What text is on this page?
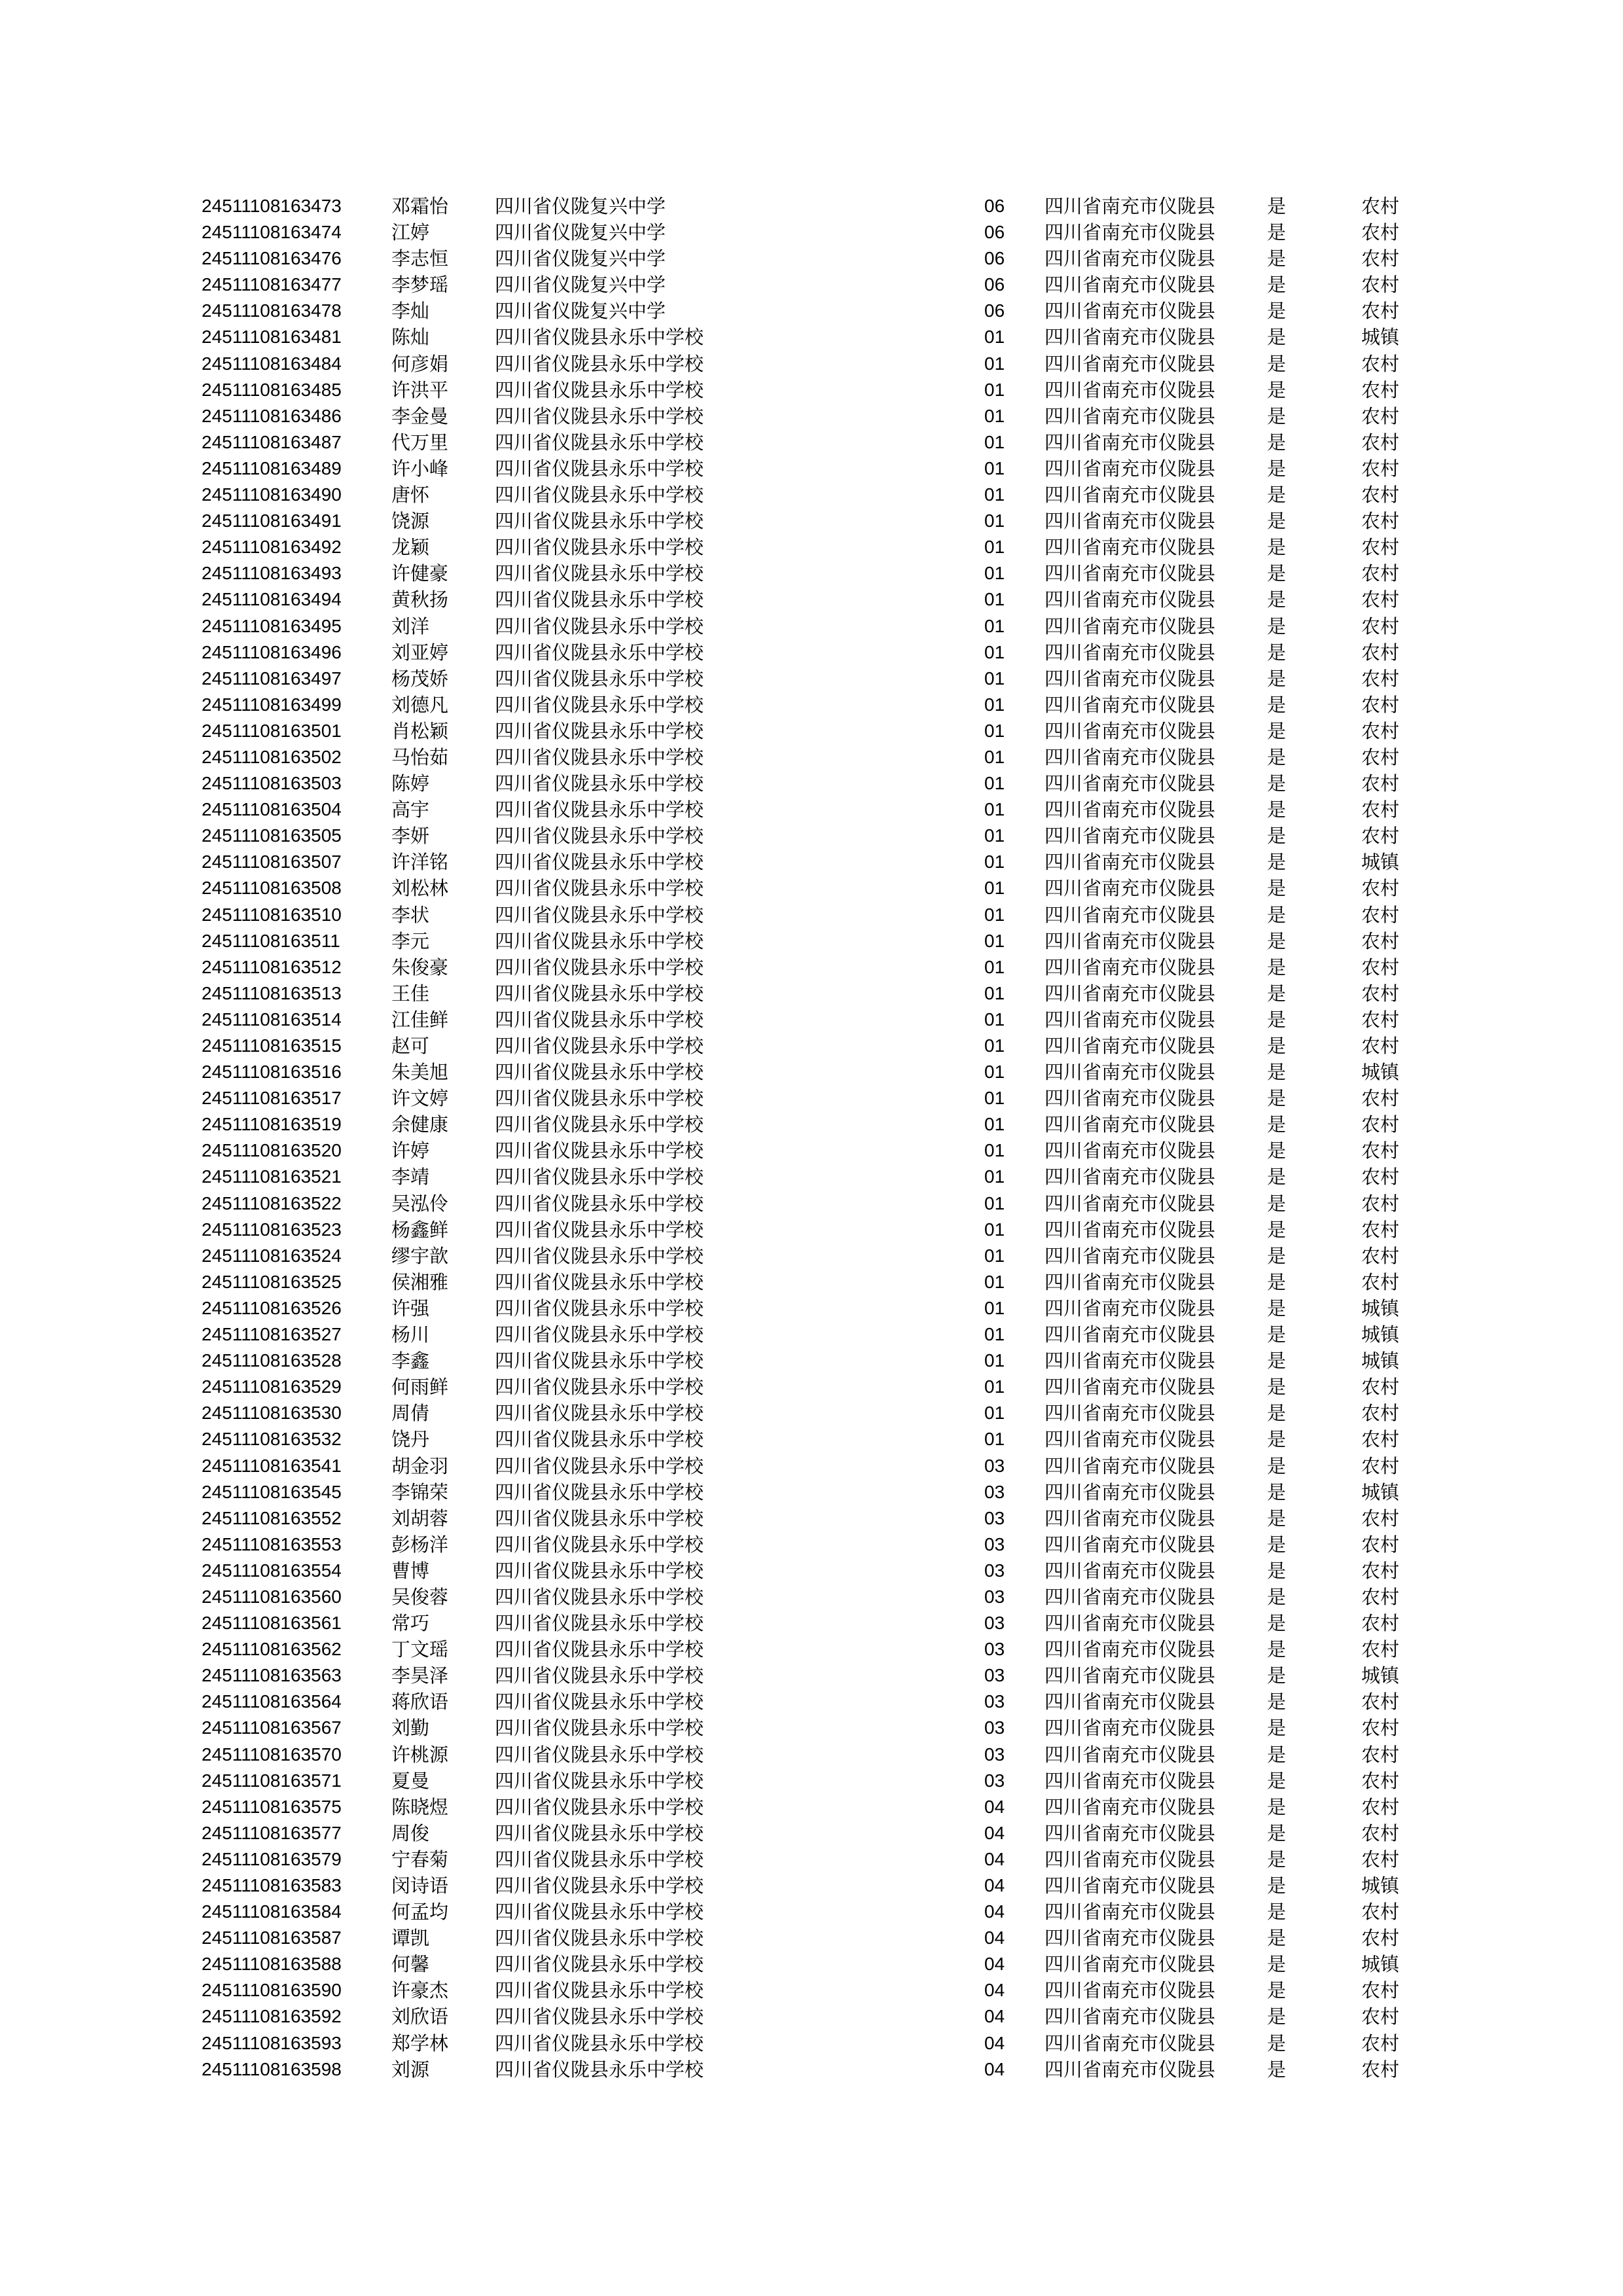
24511108163473	邓霜怡 四川省仪陇复兴中学	06 四川省南充市仪陇县	是	农村
24511108163474	江婷	四川省仪陇复兴中学	06 四川省南充市仪陇县	是	农村
24511108163476	李志恒 四川省仪陇复兴中学	06 四川省南充市仪陇县	是	农村
24511108163477	李梦瑶 四川省仪陇复兴中学	06 四川省南充市仪陇县	是	农村
24511108163478	李灿	四川省仪陇复兴中学	06 四川省南充市仪陇县	是	农村
24511108163481	陈灿	四川省仪陇县永乐中学校	01 四川省南充市仪陇县	是	城镇
24511108163484	何彦娟 四川省仪陇县永乐中学校	01 四川省南充市仪陇县	是	农村
24511108163485	许洪平 四川省仪陇县永乐中学校	01 四川省南充市仪陇县	是	农村
24511108163486	李金曼 四川省仪陇县永乐中学校	01 四川省南充市仪陇县	是	农村
24511108163487	代万里 四川省仪陇县永乐中学校	01 四川省南充市仪陇县	是	农村
24511108163489	许小峰 四川省仪陇县永乐中学校	01 四川省南充市仪陇县	是	农村
24511108163490	唐怀	四川省仪陇县永乐中学校	01 四川省南充市仪陇县	是	农村
24511108163491	饶源	四川省仪陇县永乐中学校	01 四川省南充市仪陇县	是	农村
24511108163492	龙颖	四川省仪陇县永乐中学校	01 四川省南充市仪陇县	是	农村
24511108163493	许健豪 四川省仪陇县永乐中学校	01 四川省南充市仪陇县	是	农村
24511108163494	黄秋扬 四川省仪陇县永乐中学校	01 四川省南充市仪陇县	是	农村
24511108163495	刘洋	四川省仪陇县永乐中学校	01 四川省南充市仪陇县	是	农村
24511108163496	刘亚婷 四川省仪陇县永乐中学校	01 四川省南充市仪陇县	是	农村
24511108163497	杨茂娇 四川省仪陇县永乐中学校	01 四川省南充市仪陇县	是	农村
24511108163499	刘德凡 四川省仪陇县永乐中学校	01 四川省南充市仪陇县	是	农村
24511108163501	肖松颖 四川省仪陇县永乐中学校	01 四川省南充市仪陇县	是	农村
24511108163502	马怡茹 四川省仪陇县永乐中学校	01 四川省南充市仪陇县	是	农村
24511108163503	陈婷	四川省仪陇县永乐中学校	01 四川省南充市仪陇县	是	农村
24511108163504	高宇	四川省仪陇县永乐中学校	01 四川省南充市仪陇县	是	农村
24511108163505	李妍	四川省仪陇县永乐中学校	01 四川省南充市仪陇县	是	农村
24511108163507	许洋铭 四川省仪陇县永乐中学校	01 四川省南充市仪陇县	是	城镇
24511108163508	刘松林 四川省仪陇县永乐中学校	01 四川省南充市仪陇县	是	农村
24511108163510	李状	四川省仪陇县永乐中学校	01 四川省南充市仪陇县	是	农村
24511108163511	李元	四川省仪陇县永乐中学校	01 四川省南充市仪陇县	是	农村
24511108163512	朱俊豪 四川省仪陇县永乐中学校	01 四川省南充市仪陇县	是	农村
24511108163513	王佳	四川省仪陇县永乐中学校	01 四川省南充市仪陇县	是	农村
24511108163514	江佳鲜 四川省仪陇县永乐中学校	01 四川省南充市仪陇县	是	农村
24511108163515	赵可	四川省仪陇县永乐中学校	01 四川省南充市仪陇县	是	农村
24511108163516	朱美旭 四川省仪陇县永乐中学校	01 四川省南充市仪陇县	是	城镇
24511108163517	许文婷 四川省仪陇县永乐中学校	01 四川省南充市仪陇县	是	农村
24511108163519	余健康 四川省仪陇县永乐中学校	01 四川省南充市仪陇县	是	农村
24511108163520	许婷	四川省仪陇县永乐中学校	01 四川省南充市仪陇县	是	农村
24511108163521	李靖	四川省仪陇县永乐中学校	01 四川省南充市仪陇县	是	农村
24511108163522	吴泓伶 四川省仪陇县永乐中学校	01 四川省南充市仪陇县	是	农村
24511108163523	杨鑫鲜 四川省仪陇县永乐中学校	01 四川省南充市仪陇县	是	农村
24511108163524	缪宇歆 四川省仪陇县永乐中学校	01 四川省南充市仪陇县	是	农村
24511108163525	侯湘雅 四川省仪陇县永乐中学校	01 四川省南充市仪陇县	是	农村
24511108163526	许强	四川省仪陇县永乐中学校	01 四川省南充市仪陇县	是	城镇
24511108163527	杨川	四川省仪陇县永乐中学校	01 四川省南充市仪陇县	是	城镇
24511108163528	李鑫	四川省仪陇县永乐中学校	01 四川省南充市仪陇县	是	城镇
24511108163529	何雨鲜 四川省仪陇县永乐中学校	01 四川省南充市仪陇县	是	农村
24511108163530	周倩	四川省仪陇县永乐中学校	01 四川省南充市仪陇县	是	农村
24511108163532	饶丹	四川省仪陇县永乐中学校	01 四川省南充市仪陇县	是	农村
24511108163541	胡金羽 四川省仪陇县永乐中学校	03 四川省南充市仪陇县	是	农村
24511108163545	李锦荣 四川省仪陇县永乐中学校	03 四川省南充市仪陇县	是	城镇
24511108163552	刘胡蓉 四川省仪陇县永乐中学校	03 四川省南充市仪陇县	是	农村
24511108163553	彭杨洋 四川省仪陇县永乐中学校	03 四川省南充市仪陇县	是	农村
24511108163554	曹博	四川省仪陇县永乐中学校	03 四川省南充市仪陇县	是	农村
24511108163560	吴俊蓉 四川省仪陇县永乐中学校	03 四川省南充市仪陇县	是	农村
24511108163561	常巧	四川省仪陇县永乐中学校	03 四川省南充市仪陇县	是	农村
24511108163562	丁文瑶 四川省仪陇县永乐中学校	03 四川省南充市仪陇县	是	农村
24511108163563	李昊泽 四川省仪陇县永乐中学校	03 四川省南充市仪陇县	是	城镇
24511108163564	蒋欣语 四川省仪陇县永乐中学校	03 四川省南充市仪陇县	是	农村
24511108163567	刘勤	四川省仪陇县永乐中学校	03 四川省南充市仪陇县	是	农村
24511108163570	许桃源 四川省仪陇县永乐中学校	03 四川省南充市仪陇县	是	农村
24511108163571	夏曼	四川省仪陇县永乐中学校	03 四川省南充市仪陇县	是	农村
24511108163575	陈晓煜 四川省仪陇县永乐中学校	04 四川省南充市仪陇县	是	农村
24511108163577	周俊	四川省仪陇县永乐中学校	04 四川省南充市仪陇县	是	农村
24511108163579	宁春菊 四川省仪陇县永乐中学校	04 四川省南充市仪陇县	是	农村
24511108163583	闵诗语 四川省仪陇县永乐中学校	04 四川省南充市仪陇县	是	城镇
24511108163584	何孟均 四川省仪陇县永乐中学校	04 四川省南充市仪陇县	是	农村
24511108163587	谭凯	四川省仪陇县永乐中学校	04 四川省南充市仪陇县	是	农村
24511108163588	何馨	四川省仪陇县永乐中学校	04 四川省南充市仪陇县	是	城镇
24511108163590	许豪杰 四川省仪陇县永乐中学校	04 四川省南充市仪陇县	是	农村
24511108163592	刘欣语 四川省仪陇县永乐中学校	04 四川省南充市仪陇县	是	农村
24511108163593	郑学林 四川省仪陇县永乐中学校	04 四川省南充市仪陇县	是	农村
24511108163598	刘源	四川省仪陇县永乐中学校	04 四川省南充市仪陇县	是	农村
